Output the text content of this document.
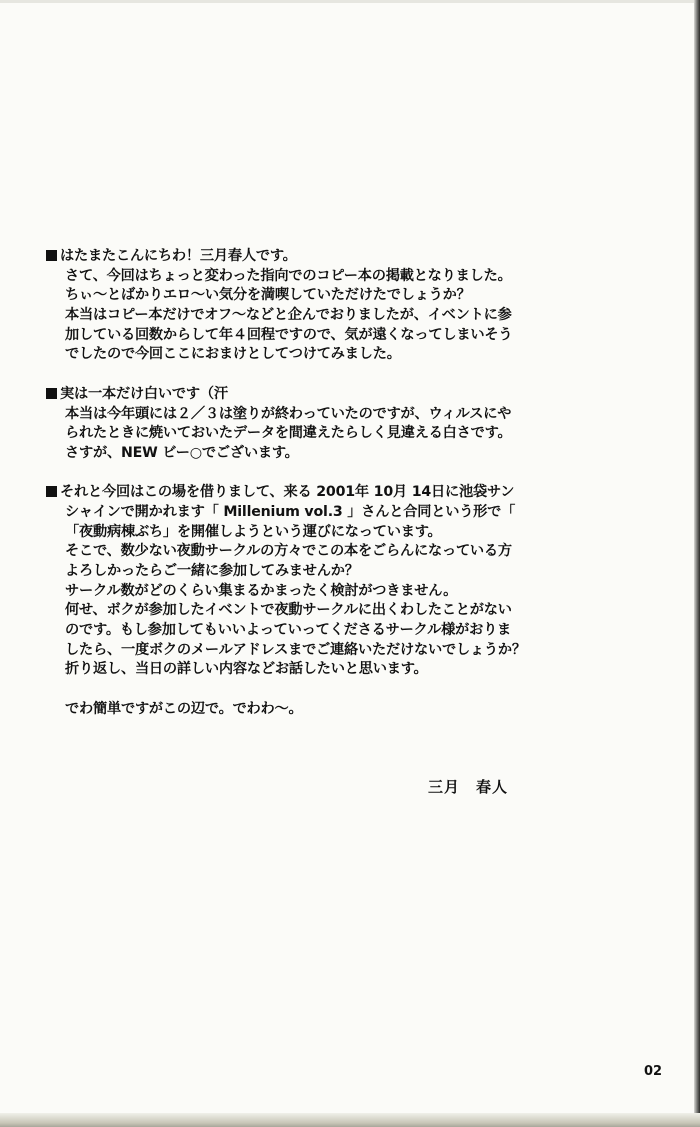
はたまたこんにちわ！三月春人です。
さて、今回はちょっと変わった指向でのコピー本の掲載となりました。
ちぃ〜とばかりエロ〜い気分を満喫していただけたでしょうか？
本当はコピー本だけでオフ〜などと企んでおりましたが、イベントに参
加している回数からして年４回程ですので、気が遠くなってしまいそう
でしたので今回ここにおまけとしてつけてみました。
実は一本だけ白いです（汗
本当は今年頭には２／３は塗りが終わっていたのですが、ウィルスにや
られたときに焼いておいたデータを間違えたらしく見違える白さです。
さすが、NEW ビー○でございます。
それと今回はこの場を借りまして、来る 2001年 10月 14日に池袋サン
シャインで開かれます「 Millenium vol.3 」さんと合同という形で「
「夜動病棟ぶち」を開催しようという運びになっています。
そこで、数少ない夜動サークルの方々でこの本をごらんになっている方
よろしかったらご一緒に参加してみませんか？
サークル数がどのくらい集まるかまったく検討がつきません。
何せ、ボクが参加したイベントで夜動サークルに出くわしたことがない
のです。もし参加してもいいよっていってくださるサークル様がおりま
したら、一度ボクのメールアドレスまでご連絡いただけないでしょうか？
折り返し、当日の詳しい内容などお話したいと思います。
でわ簡単ですがこの辺で。でわわ〜。
三月　春人
02
